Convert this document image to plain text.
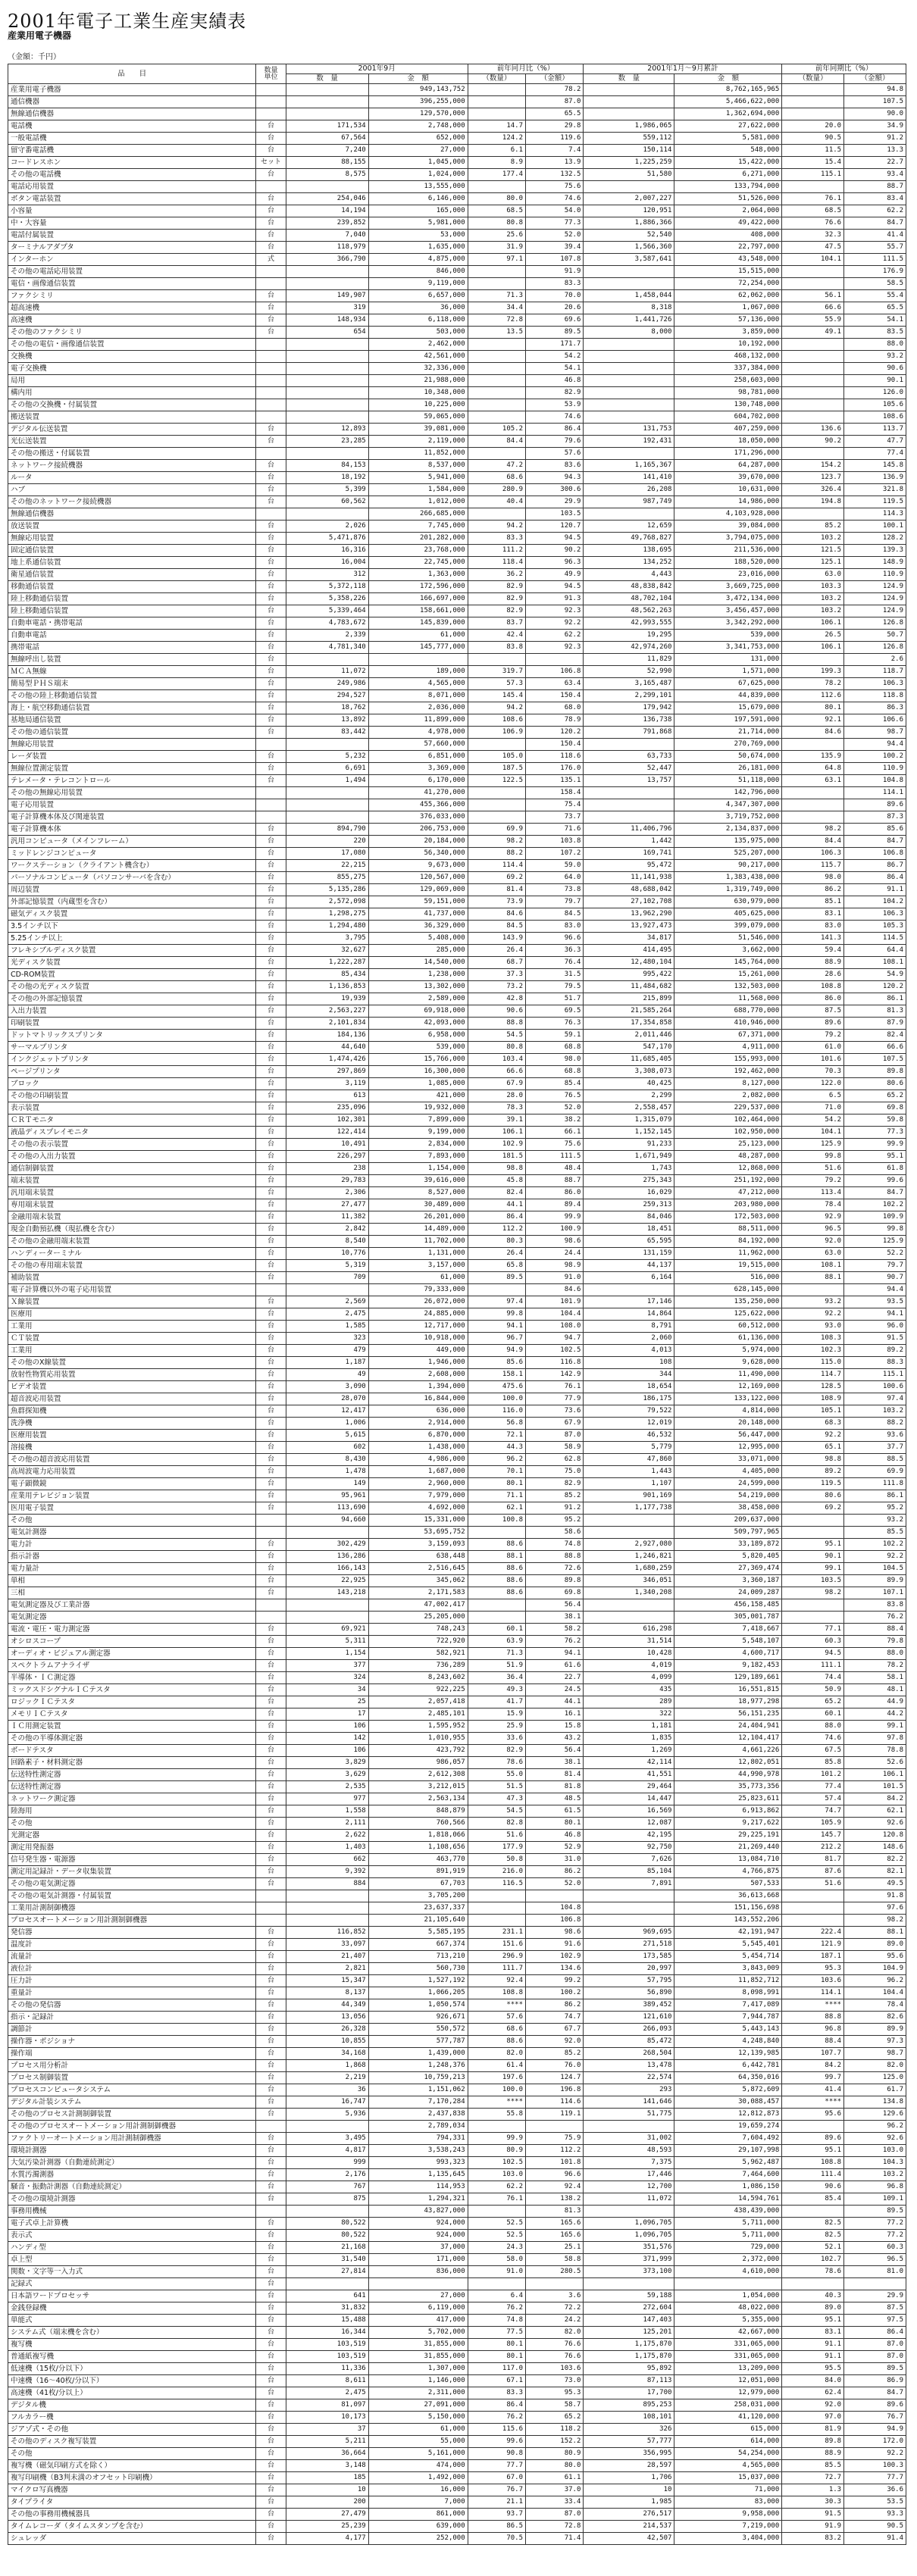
2001年電子工業生産実績表
産業用電子機器
（金額：千円）
品　　目	数量
単位	2001年9月		前年同月比（%）		2001年1月〜9月累計		前年同期比（%）	
		数　量	金　額	（数量）	（金額）	数　量	金　額	（数量）	（金額）
産業用電子機器			949,143,752		78.2		8,762,165,965		94.8
通信機器			396,255,000		87.0		5,466,622,000		107.5
無線通信機器			129,570,000		65.5		1,362,694,000		90.0
電話機	台	171,534	2,748,000	14.7	29.8	1,986,065	27,622,000	20.0	34.9
一般電話機	台	67,564	652,000	124.2	119.6	559,112	5,581,000	90.5	91.2
留守番電話機	台	7,240	27,000	6.1	7.4	150,114	548,000	11.5	13.3
コードレスホン	セット	88,155	1,045,000	8.9	13.9	1,225,259	15,422,000	15.4	22.7
その他の電話機	台	8,575	1,024,000	177.4	132.5	51,580	6,271,000	115.1	93.4
電話応用装置			13,555,000		75.6		133,794,000		88.7
ボタン電話装置	台	254,046	6,146,000	80.0	74.6	2,007,227	51,526,000	76.1	83.4
小容量	台	14,194	165,000	68.5	54.0	120,951	2,064,000	68.5	62.2
中・大容量	台	239,852	5,981,000	80.8	77.3	1,886,366	49,422,000	76.6	84.7
電話付属装置	台	7,040	53,000	25.6	52.0	52,540	408,000	32.3	41.4
ターミナルアダプタ	台	118,979	1,635,000	31.9	39.4	1,566,360	22,797,000	47.5	55.7
インターホン	式	366,790	4,875,000	97.1	107.8	3,587,641	43,548,000	104.1	111.5
その他の電話応用装置			846,000		91.9		15,515,000		176.9
電信・画像通信装置			9,119,000		83.3		72,254,000		58.5
ファクシミリ	台	149,907	6,657,000	71.3	70.0	1,458,044	62,062,000	56.1	55.4
超高速機	台	319	36,000	34.4	20.6	8,318	1,067,000	66.6	65.5
高速機	台	148,934	6,118,000	72.8	69.6	1,441,726	57,136,000	55.9	54.1
その他のファクシミリ	台	654	503,000	13.5	89.5	8,000	3,859,000	49.1	83.5
その他の電信・画像通信装置			2,462,000		171.7		10,192,000		88.0
交換機			42,561,000		54.2		468,132,000		93.2
電子交換機			32,336,000		54.1		337,384,000		90.6
局用			21,988,000		46.8		258,603,000		90.1
構内用			10,348,000		82.9		98,781,000		126.0
その他の交換機・付属装置			10,225,000		53.9		130,748,000		105.6
搬送装置			59,065,000		74.6		604,702,000		108.6
デジタル伝送装置	台	12,893	39,081,000	105.2	86.4	131,753	407,259,000	136.6	113.7
光伝送装置	台	23,285	2,119,000	84.4	79.6	192,431	18,050,000	90.2	47.7
その他の搬送・付属装置			11,852,000		57.6		171,296,000		77.4
ネットワーク接続機器	台	84,153	8,537,000	47.2	83.6	1,165,367	64,287,000	154.2	145.8
ルータ	台	18,192	5,941,000	68.6	94.3	141,410	39,670,000	123.7	136.9
ハブ	台	5,399	1,584,000	280.9	300.6	26,208	10,631,000	326.4	321.8
その他のネットワーク接続機器	台	60,562	1,012,000	40.4	29.9	987,749	14,986,000	194.8	119.5
無線通信機器			266,685,000		103.5		4,103,928,000		114.3
放送装置	台	2,026	7,745,000	94.2	120.7	12,659	39,084,000	85.2	100.1
無線応用装置	台	5,471,876	201,282,000	83.3	94.5	49,768,827	3,794,075,000	103.2	128.2
固定通信装置	台	16,316	23,768,000	111.2	90.2	138,695	211,536,000	121.5	139.3
地上系通信装置	台	16,004	22,745,000	118.4	96.3	134,252	188,520,000	125.1	148.9
衛星通信装置	台	312	1,363,000	36.2	49.9	4,443	23,016,000	63.0	110.9
移動通信装置	台	5,372,118	172,596,000	82.9	94.5	48,838,842	3,669,725,000	103.3	124.9
陸上移動通信装置	台	5,358,226	166,697,000	82.9	91.3	48,702,104	3,472,134,000	103.2	124.9
陸上移動通信装置	台	5,339,464	158,661,000	82.9	92.3	48,562,263	3,456,457,000	103.2	124.9
自動車電話・携帯電話	台	4,783,672	145,839,000	83.7	92.2	42,993,555	3,342,292,000	106.1	126.8
自動車電話	台	2,339	61,000	42.4	62.2	19,295	539,000	26.5	50.7
携帯電話	台	4,781,340	145,777,000	83.8	92.3	42,974,260	3,341,753,000	106.1	126.8
無線呼出し装置	台					11,829	131,000		2.6
ＭＣＡ無線	台	11,072	189,000	319.7	106.8	52,990	1,571,000	199.3	118.7
簡易型ＰＨＳ端末	台	249,986	4,565,000	57.3	63.4	3,165,487	67,625,000	78.2	106.3
その他の陸上移動通信装置	台	294,527	8,071,000	145.4	150.4	2,299,101	44,839,000	112.6	118.8
海上・航空移動通信装置	台	18,762	2,036,000	94.2	68.0	179,942	15,679,000	80.1	86.3
基地局通信装置	台	13,892	11,899,000	108.6	78.9	136,738	197,591,000	92.1	106.6
その他の通信装置	台	83,442	4,978,000	106.9	120.2	791,868	21,714,000	84.6	98.7
無線応用装置			57,660,000		150.4		270,769,000		94.4
レーダ装置	台	5,232	6,851,000	105.0	118.6	63,733	50,674,000	135.9	100.2
無線位置測定装置	台	6,691	3,369,000	187.5	176.0	52,447	26,181,000	64.8	110.9
テレメータ・テレコントロール	台	1,494	6,170,000	122.5	135.1	13,757	51,118,000	63.1	104.8
その他の無線応用装置			41,270,000		158.4		142,796,000		114.1
電子応用装置			455,366,000		75.4		4,347,307,000		89.6
電子計算機本体及び関連装置			376,033,000		73.7		3,719,752,000		87.3
電子計算機本体	台	894,790	206,753,000	69.9	71.6	11,406,796	2,134,837,000	98.2	85.6
汎用コンピュータ（メインフレーム）	台	220	20,184,000	98.2	103.8	1,442	135,975,000	84.4	84.7
ミッドレンジコンピュータ	台	17,080	56,340,000	88.2	107.2	169,741	525,207,000	106.3	106.8
ワークステーション（クライアント機含む）	台	22,215	9,673,000	114.4	59.0	95,472	90,217,000	115.7	86.7
パーソナルコンピュータ（パソコンサーバを含む）	台	855,275	120,567,000	69.2	64.0	11,141,938	1,383,438,000	98.0	86.4
周辺装置	台	5,135,286	129,069,000	81.4	73.8	48,688,042	1,319,749,000	86.2	91.1
外部記憶装置（内蔵型を含む）	台	2,572,098	59,151,000	73.9	79.7	27,102,708	630,979,000	85.1	104.2
磁気ディスク装置	台	1,298,275	41,737,000	84.6	84.5	13,962,290	405,625,000	83.1	106.3
3.5インチ以下	台	1,294,480	36,329,000	84.5	83.0	13,927,473	399,079,000	83.0	105.3
5.25インチ以上	台	3,795	5,408,000	143.9	96.6	34,817	51,546,000	141.3	114.5
フレキシブルディスク装置	台	32,627	285,000	26.4	36.3	414,495	3,662,000	59.4	64.4
光ディスク装置	台	1,222,287	14,540,000	68.7	76.4	12,480,104	145,764,000	88.9	108.1
CD-ROM装置	台	85,434	1,238,000	37.3	31.5	995,422	15,261,000	28.6	54.9
その他の光ディスク装置	台	1,136,853	13,302,000	73.2	79.5	11,484,682	132,503,000	108.8	120.2
その他の外部記憶装置	台	19,939	2,589,000	42.8	51.7	215,899	11,568,000	86.0	86.1
入出力装置	台	2,563,227	69,918,000	90.6	69.5	21,585,264	688,770,000	87.5	81.3
印刷装置	台	2,101,834	42,093,000	88.8	76.3	17,354,858	410,946,000	89.6	87.9
ドットマトリックスプリンタ	台	184,136	6,958,000	54.5	59.1	2,011,446	67,371,000	79.2	82.4
サーマルプリンタ	台	44,640	539,000	80.8	68.8	547,170	4,911,000	61.0	66.6
インクジェットプリンタ	台	1,474,426	15,766,000	103.4	98.0	11,685,405	155,993,000	101.6	107.5
ページプリンタ	台	297,869	16,300,000	66.6	68.8	3,308,073	192,462,000	70.3	89.8
ブロック	台	3,119	1,085,000	67.9	85.4	40,425	8,127,000	122.0	80.6
その他の印刷装置	台	613	421,000	28.0	76.5	2,299	2,082,000	6.5	65.2
表示装置	台	235,096	19,932,000	78.3	52.0	2,558,457	229,537,000	71.0	69.8
ＣＲＴモニタ	台	102,301	7,899,000	39.1	38.2	1,315,079	102,464,000	54.2	59.8
液晶ディスプレイモニタ	台	122,414	9,199,000	106.1	66.1	1,152,145	102,950,000	104.1	77.3
その他の表示装置	台	10,491	2,834,000	102.9	75.6	91,233	25,123,000	125.9	99.9
その他の入出力装置	台	226,297	7,893,000	181.5	111.5	1,671,949	48,287,000	99.8	95.1
通信制御装置	台	238	1,154,000	98.8	48.4	1,743	12,868,000	51.6	61.8
端末装置	台	29,783	39,616,000	45.8	88.7	275,343	251,192,000	79.2	99.6
汎用端末装置	台	2,306	8,527,000	82.4	86.0	16,029	47,212,000	113.4	84.7
専用端末装置	台	27,477	30,489,000	44.1	89.4	259,313	203,980,000	78.4	102.2
金融用端末装置	台	11,382	26,201,000	86.4	99.9	84,046	172,503,000	92.9	109.9
現金自動預払機（現払機を含む）	台	2,842	14,489,000	112.2	100.9	18,451	88,511,000	96.5	99.8
その他の金融用端末装置	台	8,540	11,702,000	80.3	98.6	65,595	84,192,000	92.0	125.9
ハンディーターミナル	台	10,776	1,131,000	26.4	24.4	131,159	11,962,000	63.0	52.2
その他の専用端末装置	台	5,319	3,157,000	65.8	98.9	44,137	19,515,000	108.1	79.7
補助装置	台	709	61,000	89.5	91.0	6,164	516,000	88.1	90.7
電子計算機以外の電子応用装置			79,333,000		84.6		628,145,000		94.4
Ｘ線装置	台	2,569	26,072,000	97.4	101.9	17,146	135,250,000	93.2	93.5
医療用	台	2,475	24,885,000	99.8	104.4	14,864	125,622,000	92.2	94.1
工業用	台	1,585	12,717,000	94.1	108.0	8,791	60,512,000	93.0	96.0
ＣＴ装置	台	323	10,918,000	96.7	94.7	2,060	61,136,000	108.3	91.5
工業用	台	479	449,000	94.9	102.5	4,013	5,974,000	102.3	89.2
その他のX線装置	台	1,187	1,946,000	85.6	116.8	108	9,628,000	115.0	88.3
放射性物質応用装置	台	49	2,608,000	158.1	142.9	344	11,490,000	114.7	115.1
ビデオ装置	台	3,090	1,394,000	475.6	76.1	18,654	12,169,000	128.5	100.6
超音波応用装置	台	28,070	16,844,000	100.0	77.9	186,175	133,122,000	108.9	97.4
魚群探知機	台	12,417	636,000	116.0	73.6	79,522	4,814,000	105.1	103.2
洗浄機	台	1,006	2,914,000	56.8	67.9	12,019	20,148,000	68.3	88.2
医療用装置	台	5,615	6,870,000	72.1	87.0	46,532	56,447,000	92.2	93.6
溶接機	台	602	1,438,000	44.3	58.9	5,779	12,995,000	65.1	37.7
その他の超音波応用装置	台	8,430	4,986,000	96.2	62.8	47,860	33,071,000	98.8	88.5
高周波電力応用装置	台	1,478	1,687,000	70.1	75.0	1,443	4,405,000	89.2	69.9
電子顕微鏡	台	149	2,960,000	80.1	82.9	1,107	24,599,000	119.5	111.8
産業用テレビジョン装置	台	95,961	7,979,000	71.1	85.2	901,169	54,219,000	80.6	86.1
医用電子装置	台	113,690	4,692,000	62.1	91.2	1,177,738	38,458,000	69.2	95.2
その他		94,660	15,331,000	100.8	95.2		209,637,000		93.2
電気計測器			53,695,752		58.6		509,797,965		85.5
電力計	台	302,429	3,159,093	88.6	74.8	2,927,080	33,189,872	95.1	102.2
指示計器	台	136,286	638,448	88.1	88.8	1,246,821	5,820,405	90.1	92.2
電力量計	台	166,143	2,516,645	88.6	72.6	1,680,259	27,369,474	99.1	104.5
単相	台	22,925	345,062	88.6	89.8	346,051	3,360,187	103.5	89.9
三相	台	143,218	2,171,583	88.6	69.8	1,340,208	24,009,287	98.2	107.1
電気測定器及び工業計器			47,002,417		56.4		456,158,485		83.8
電気測定器			25,205,000		38.1		305,001,787		76.2
電流・電圧・電力測定器	台	69,921	748,243	60.1	58.2	616,298	7,418,667	77.1	88.4
オシロスコープ	台	5,311	722,920	63.9	76.2	31,514	5,548,107	60.3	79.8
オーディオ・ビジュアル測定器	台	1,154	582,921	71.3	94.1	10,428	4,600,717	94.5	88.0
スペクトラムアナライザ	台	377	736,289	51.9	61.6	4,019	9,182,453	111.1	78.2
半導体・ＩＣ測定器	台	324	8,243,602	36.4	22.7	4,099	129,189,661	74.4	58.1
ミックスドシグナルＩＣテスタ	台	34	922,225	49.3	24.5	435	16,551,815	50.9	48.1
ロジックＩＣテスタ	台	25	2,057,418	41.7	44.1	289	18,977,298	65.2	44.9
メモリＩＣテスタ	台	17	2,485,101	15.9	16.1	322	56,151,235	60.1	44.2
ＩＣ用測定装置	台	106	1,595,952	25.9	15.8	1,181	24,404,941	88.0	99.1
その他の半導体測定器	台	142	1,010,955	33.6	43.2	1,835	12,104,417	74.6	97.8
ボードテスタ	台	106	423,792	82.9	56.4	1,269	4,661,226	67.5	78.8
回路素子・材料測定器	台	3,829	986,057	78.6	38.1	42,114	12,802,051	85.8	52.6
伝送特性測定器	台	3,629	2,612,308	55.0	81.4	41,551	44,990,978	101.2	106.1
伝送特性測定器	台	2,535	3,212,015	51.5	81.8	29,464	35,773,356	77.4	101.5
ネットワーク測定器	台	977	2,563,134	47.3	48.5	14,447	25,823,611	57.4	84.2
陸海用	台	1,558	848,879	54.5	61.5	16,569	6,913,862	74.7	62.1
その他	台	2,111	760,566	82.8	80.1	12,087	9,217,622	105.9	92.6
光測定器	台	2,622	1,818,066	51.6	46.8	42,195	29,225,191	145.7	120.8
測定用発振器	台	1,403	1,108,656	177.9	52.9	92,750	21,269,440	212.2	148.6
信号発生器・電源器	台	662	463,770	50.8	31.0	7,626	13,084,710	81.7	82.2
測定用記録計・データ収集装置	台	9,392	891,919	216.0	86.2	85,104	4,766,875	87.6	82.1
その他の電気測定器	台	884	67,703	116.5	52.0	7,891	507,533	51.6	49.5
その他の電気計測器・付属装置			3,705,200				36,613,668		91.8
工業用計測制御機器			23,637,337		104.8		151,156,698		97.6
プロセスオートメーション用計測制御機器			21,105,640		106.8		143,552,206		98.2
発信器	台	116,852	5,585,195	231.1	98.6	969,695	42,191,947	222.4	88.1
温度計	台	33,097	667,374	151.6	91.6	271,518	5,545,401	121.9	89.0
流量計	台	21,407	713,210	296.9	102.9	173,585	5,454,714	187.1	95.6
液位計	台	2,821	560,730	111.7	134.6	20,997	3,843,009	95.3	104.9
圧力計	台	15,347	1,527,192	92.4	99.2	57,795	11,852,712	103.6	96.2
重量計	台	8,137	1,066,205	108.8	100.2	56,890	8,098,991	114.1	104.4
その他の発信器	台	44,349	1,050,574	****	86.2	389,452	7,417,089	****	78.4
指示・記録計	台	13,056	926,671	57.6	74.7	121,610	7,944,787	88.8	82.6
調節計	台	26,328	550,572	68.6	67.7	266,093	5,443,143	96.8	89.9
操作器・ポジショナ	台	10,855	577,787	88.6	92.0	85,472	4,248,840	88.4	97.3
操作端	台	34,168	1,439,000	82.0	85.2	268,504	12,139,985	107.7	98.7
プロセス用分析計	台	1,868	1,248,376	61.4	76.0	13,478	6,442,781	84.2	82.0
プロセス制御装置	台	2,219	10,759,213	197.6	124.7	22,574	64,350,016	99.7	125.0
プロセスコンピュータシステム	台	36	1,151,062	100.0	196.8	293	5,872,609	41.4	61.7
デジタル計装システム	台	16,747	7,170,284	****	114.6	141,646	30,088,457	****	134.8
その他のプロセス計測制御装置	台	5,936	2,437,838	55.8	119.1	51,775	12,812,873	95.6	129.6
その他のプロセスオートメーション用計測制御機器			2,789,034				19,659,274		96.2
ファクトリーオートメーション用計測制御機器	台	3,495	794,331	99.9	75.9	31,002	7,604,492	89.6	92.6
環境計測器	台	4,817	3,538,243	80.9	112.2	48,593	29,107,998	95.1	103.0
大気汚染計測器（自動連続測定）	台	999	993,323	102.5	101.8	7,375	5,962,487	108.8	104.3
水質汚濁測器	台	2,176	1,135,645	103.0	96.6	17,446	7,464,600	111.4	103.2
騒音・振動計測器（自動連続測定）	台	767	114,953	62.2	92.4	12,700	1,086,150	90.6	96.8
その他の環境計測器	台	875	1,294,321	76.1	138.2	11,072	14,594,761	85.4	109.1
事務用機械			43,827,000		81.3		438,439,000		89.5
電子式卓上計算機	台	80,522	924,000	52.5	165.6	1,096,705	5,711,000	82.5	77.2
表示式	台	80,522	924,000	52.5	165.6	1,096,705	5,711,000	82.5	77.2
ハンディ型	台	21,168	37,000	24.3	25.1	351,576	729,000	52.1	60.3
卓上型	台	31,540	171,000	58.0	58.8	371,999	2,372,000	102.7	96.5
関数・文字等一入力式	台	27,814	836,000	91.0	280.5	373,100	4,610,000	78.6	81.0
記録式	台								
日本語ワードプロセッサ	台	641	27,000	6.4	3.6	59,188	1,054,000	40.3	29.9
金銭登録機	台	31,832	6,119,000	76.2	72.2	272,604	48,022,000	89.0	87.5
単能式	台	15,488	417,000	74.8	24.2	147,403	5,355,000	95.1	97.5
システム式（端末機を含む）	台	16,344	5,702,000	77.5	82.0	125,201	42,667,000	83.1	86.4
複写機	台	103,519	31,855,000	80.1	76.6	1,175,870	331,065,000	91.1	87.0
普通紙複写機	台	103,519	31,855,000	80.1	76.6	1,175,870	331,065,000	91.1	87.0
低速機（15枚/分以下）	台	11,336	1,307,000	117.0	103.6	95,892	13,209,000	95.5	89.5
中速機（16〜40枚/分以下）	台	8,611	1,146,000	67.1	73.0	87,113	12,051,000	84.0	86.9
高速機（41枚/分以上）	台	2,475	2,311,000	83.3	95.3	17,700	12,979,000	62.4	84.7
デジタル機	台	81,097	27,091,000	86.4	58.7	895,253	258,031,000	92.0	89.6
フルカラー機	台	10,173	5,150,000	76.2	65.2	108,101	41,120,000	97.0	76.7
ジアゾ式・その他	台	37	61,000	115.6	118.2	326	615,000	81.9	94.9
その他のディスク複写装置	台	5,211	55,000	99.6	152.2	57,777	614,000	89.8	172.0
その他	台	36,664	5,161,000	90.8	80.9	356,995	54,254,000	88.9	92.2
複写機（磁気印刷方式を除く）	台	3,148	474,000	77.7	80.0	28,597	4,565,000	85.5	100.3
複写印刷機（B3判未満のオフセット印刷機）	台	185	1,492,000	67.0	61.1	1,706	15,037,000	72.7	77.7
マイクロ写真機器	台	10	16,000	76.7	37.0	10	71,000	1.3	36.6
タイプライタ	台	200	7,000	21.1	33.4	1,985	83,000	30.3	53.5
その他の事務用機械器具	台	27,479	861,000	93.7	87.0	276,517	9,958,000	91.5	93.3
タイムレコーダ（タイムスタンプを含む）	台	25,239	639,000	86.5	72.8	214,537	7,219,000	91.9	90.5
シュレッダ	台	4,177	252,000	70.5	71.4	42,507	3,404,000	83.2	91.4
